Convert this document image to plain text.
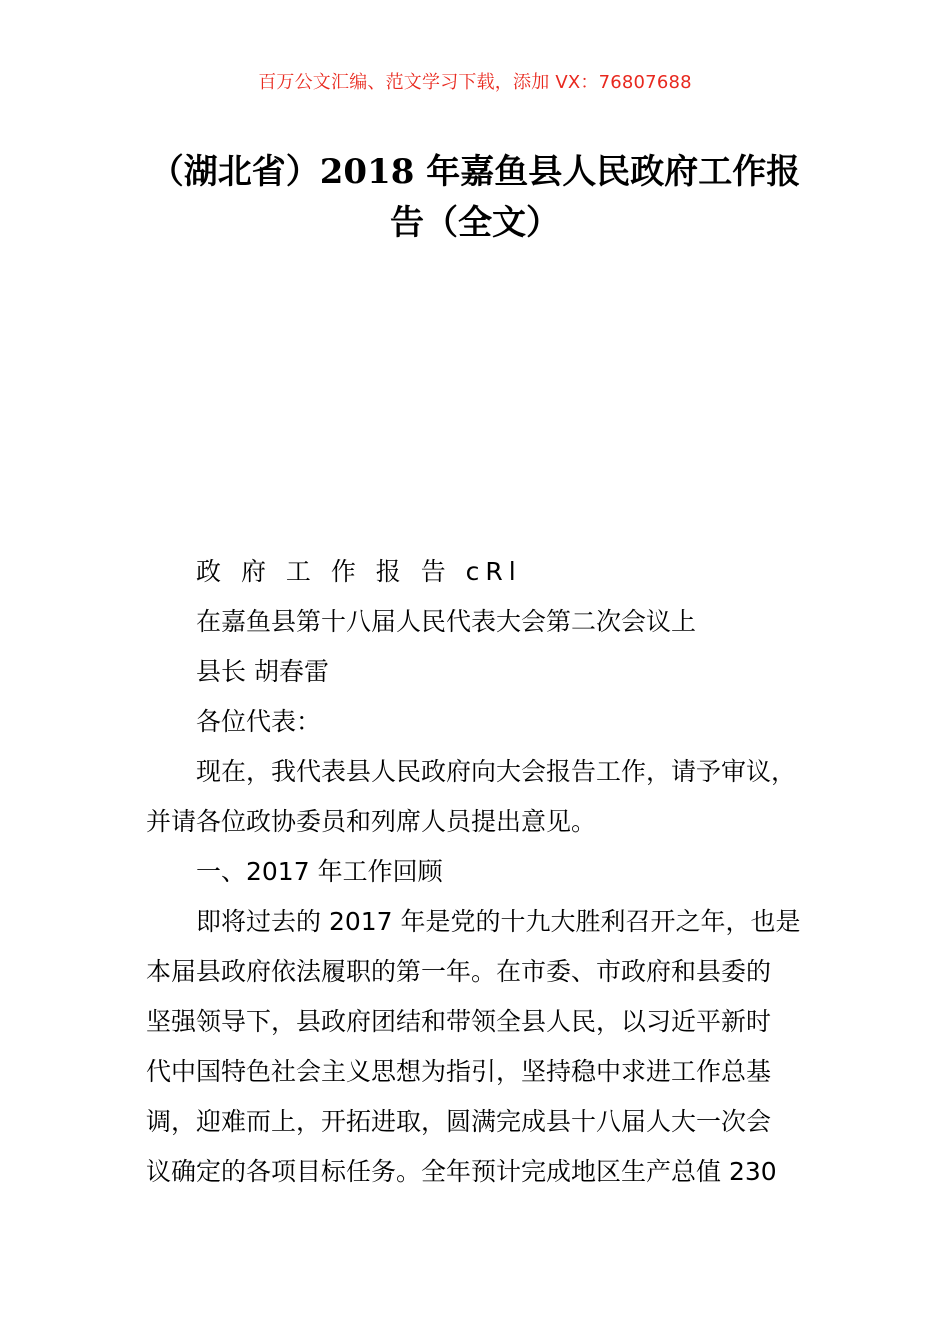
百万公文汇编、范文学习下载，添加 VX：76807688
（湖北省）2018 年嘉鱼县人民政府工作报
告（全文）
政 府 工 作 报 告 cRl
在嘉鱼县第十八届人民代表大会第二次会议上
县长 胡春雷
各位代表：
现在，我代表县人民政府向大会报告工作，请予审议，
并请各位政协委员和列席人员提出意见。
一、2017 年工作回顾
即将过去的 2017 年是党的十九大胜利召开之年，也是
本届县政府依法履职的第一年。在市委、市政府和县委的
坚强领导下，县政府团结和带领全县人民，以习近平新时
代中国特色社会主义思想为指引，坚持稳中求进工作总基
调，迎难而上，开拓进取，圆满完成县十八届人大一次会
议确定的各项目标任务。全年预计完成地区生产总值 230
